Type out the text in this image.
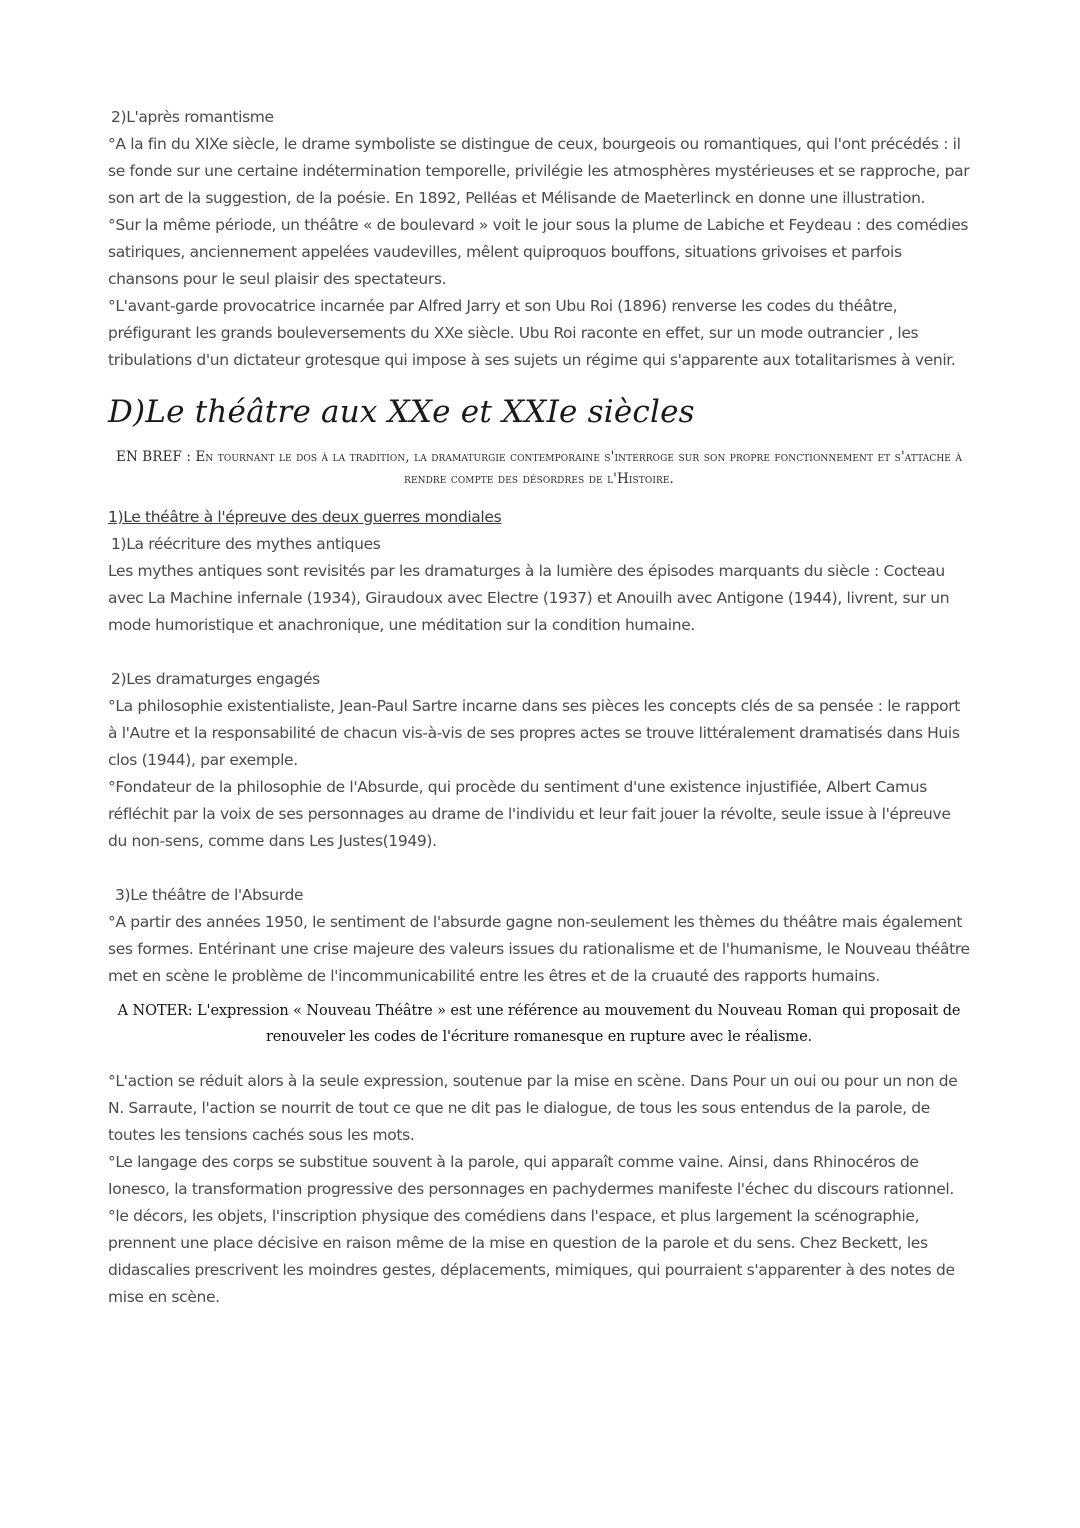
2)L'après romantisme

°A la fin du XIXe siècle, le drame symboliste se distingue de ceux, bourgeois ou romantiques, qui l'ont précédés : il se fonde sur une certaine indétermination temporelle, privilégie les atmosphères mystérieuses et se rapproche, par son art de la suggestion, de la poésie. En 1892, Pelléas et Mélisande de Maeterlinck en donne une illustration.

°Sur la même période, un théâtre « de boulevard » voit le jour sous la plume de Labiche et Feydeau : des comédies satiriques, anciennement appelées vaudevilles, mêlent quiproquos bouffons, situations grivoises et parfois chansons pour le seul plaisir des spectateurs.

°L'avant-garde provocatrice incarnée par Alfred Jarry et son Ubu Roi (1896) renverse les codes du théâtre, préfigurant les grands bouleversements du XXe siècle. Ubu Roi raconte en effet, sur un mode outrancier , les tribulations d'un dictateur grotesque qui impose à ses sujets un régime qui s'apparente aux totalitarismes à venir.

D)Le théâtre aux XXe et XXIe siècles
EN BREF : En tournant le dos à la tradition, la dramaturgie contemporaine s'interroge sur son propre fonctionnement et s'attache à rendre compte des désordres de l'Histoire.

1)Le théâtre à l'épreuve des deux guerres mondiales

1)La réécriture des mythes antiques

Les mythes antiques sont revisités par les dramaturges à la lumière des épisodes marquants du siècle : Cocteau avec La Machine infernale (1934), Giraudoux avec Electre (1937) et Anouilh avec Antigone (1944), livrent, sur un mode humoristique et anachronique, une méditation sur la condition humaine.

2)Les dramaturges engagés

°La philosophie existentialiste, Jean-Paul Sartre incarne dans ses pièces les concepts clés de sa pensée : le rapport à l'Autre et la responsabilité de chacun vis-à-vis de ses propres actes se trouve littéralement dramatisés dans Huis clos (1944), par exemple.

°Fondateur de la philosophie de l'Absurde, qui procède du sentiment d'une existence injustifiée, Albert Camus réfléchit par la voix de ses personnages au drame de l'individu et leur fait jouer la révolte, seule issue à l'épreuve du non-sens, comme dans Les Justes(1949).

3)Le théâtre de l'Absurde

°A partir des années 1950, le sentiment de l'absurde gagne non-seulement les thèmes du théâtre mais également ses formes. Entérinant une crise majeure des valeurs issues du rationalisme et de l'humanisme, le Nouveau théâtre met en scène le problème de l'incommunicabilité entre les êtres et de la cruauté des rapports humains.

A NOTER: L'expression « Nouveau Théâtre » est une référence au mouvement du Nouveau Roman qui proposait de renouveler les codes de l'écriture romanesque en rupture avec le réalisme.

°L'action se réduit alors à la seule expression, soutenue par la mise en scène. Dans Pour un oui ou pour un non de N. Sarraute, l'action se nourrit de tout ce que ne dit pas le dialogue, de tous les sous entendus de la parole, de toutes les tensions cachés sous les mots.

°Le langage des corps se substitue souvent à la parole, qui apparaît comme vaine. Ainsi, dans Rhinocéros de Ionesco, la transformation progressive des personnages en pachydermes manifeste l'échec du discours rationnel.

°le décors, les objets, l'inscription physique des comédiens dans l'espace, et plus largement la scénographie, prennent une place décisive en raison même de la mise en question de la parole et du sens. Chez Beckett, les didascalies prescrivent les moindres gestes, déplacements, mimiques, qui pourraient s'apparenter à des notes de mise en scène.
